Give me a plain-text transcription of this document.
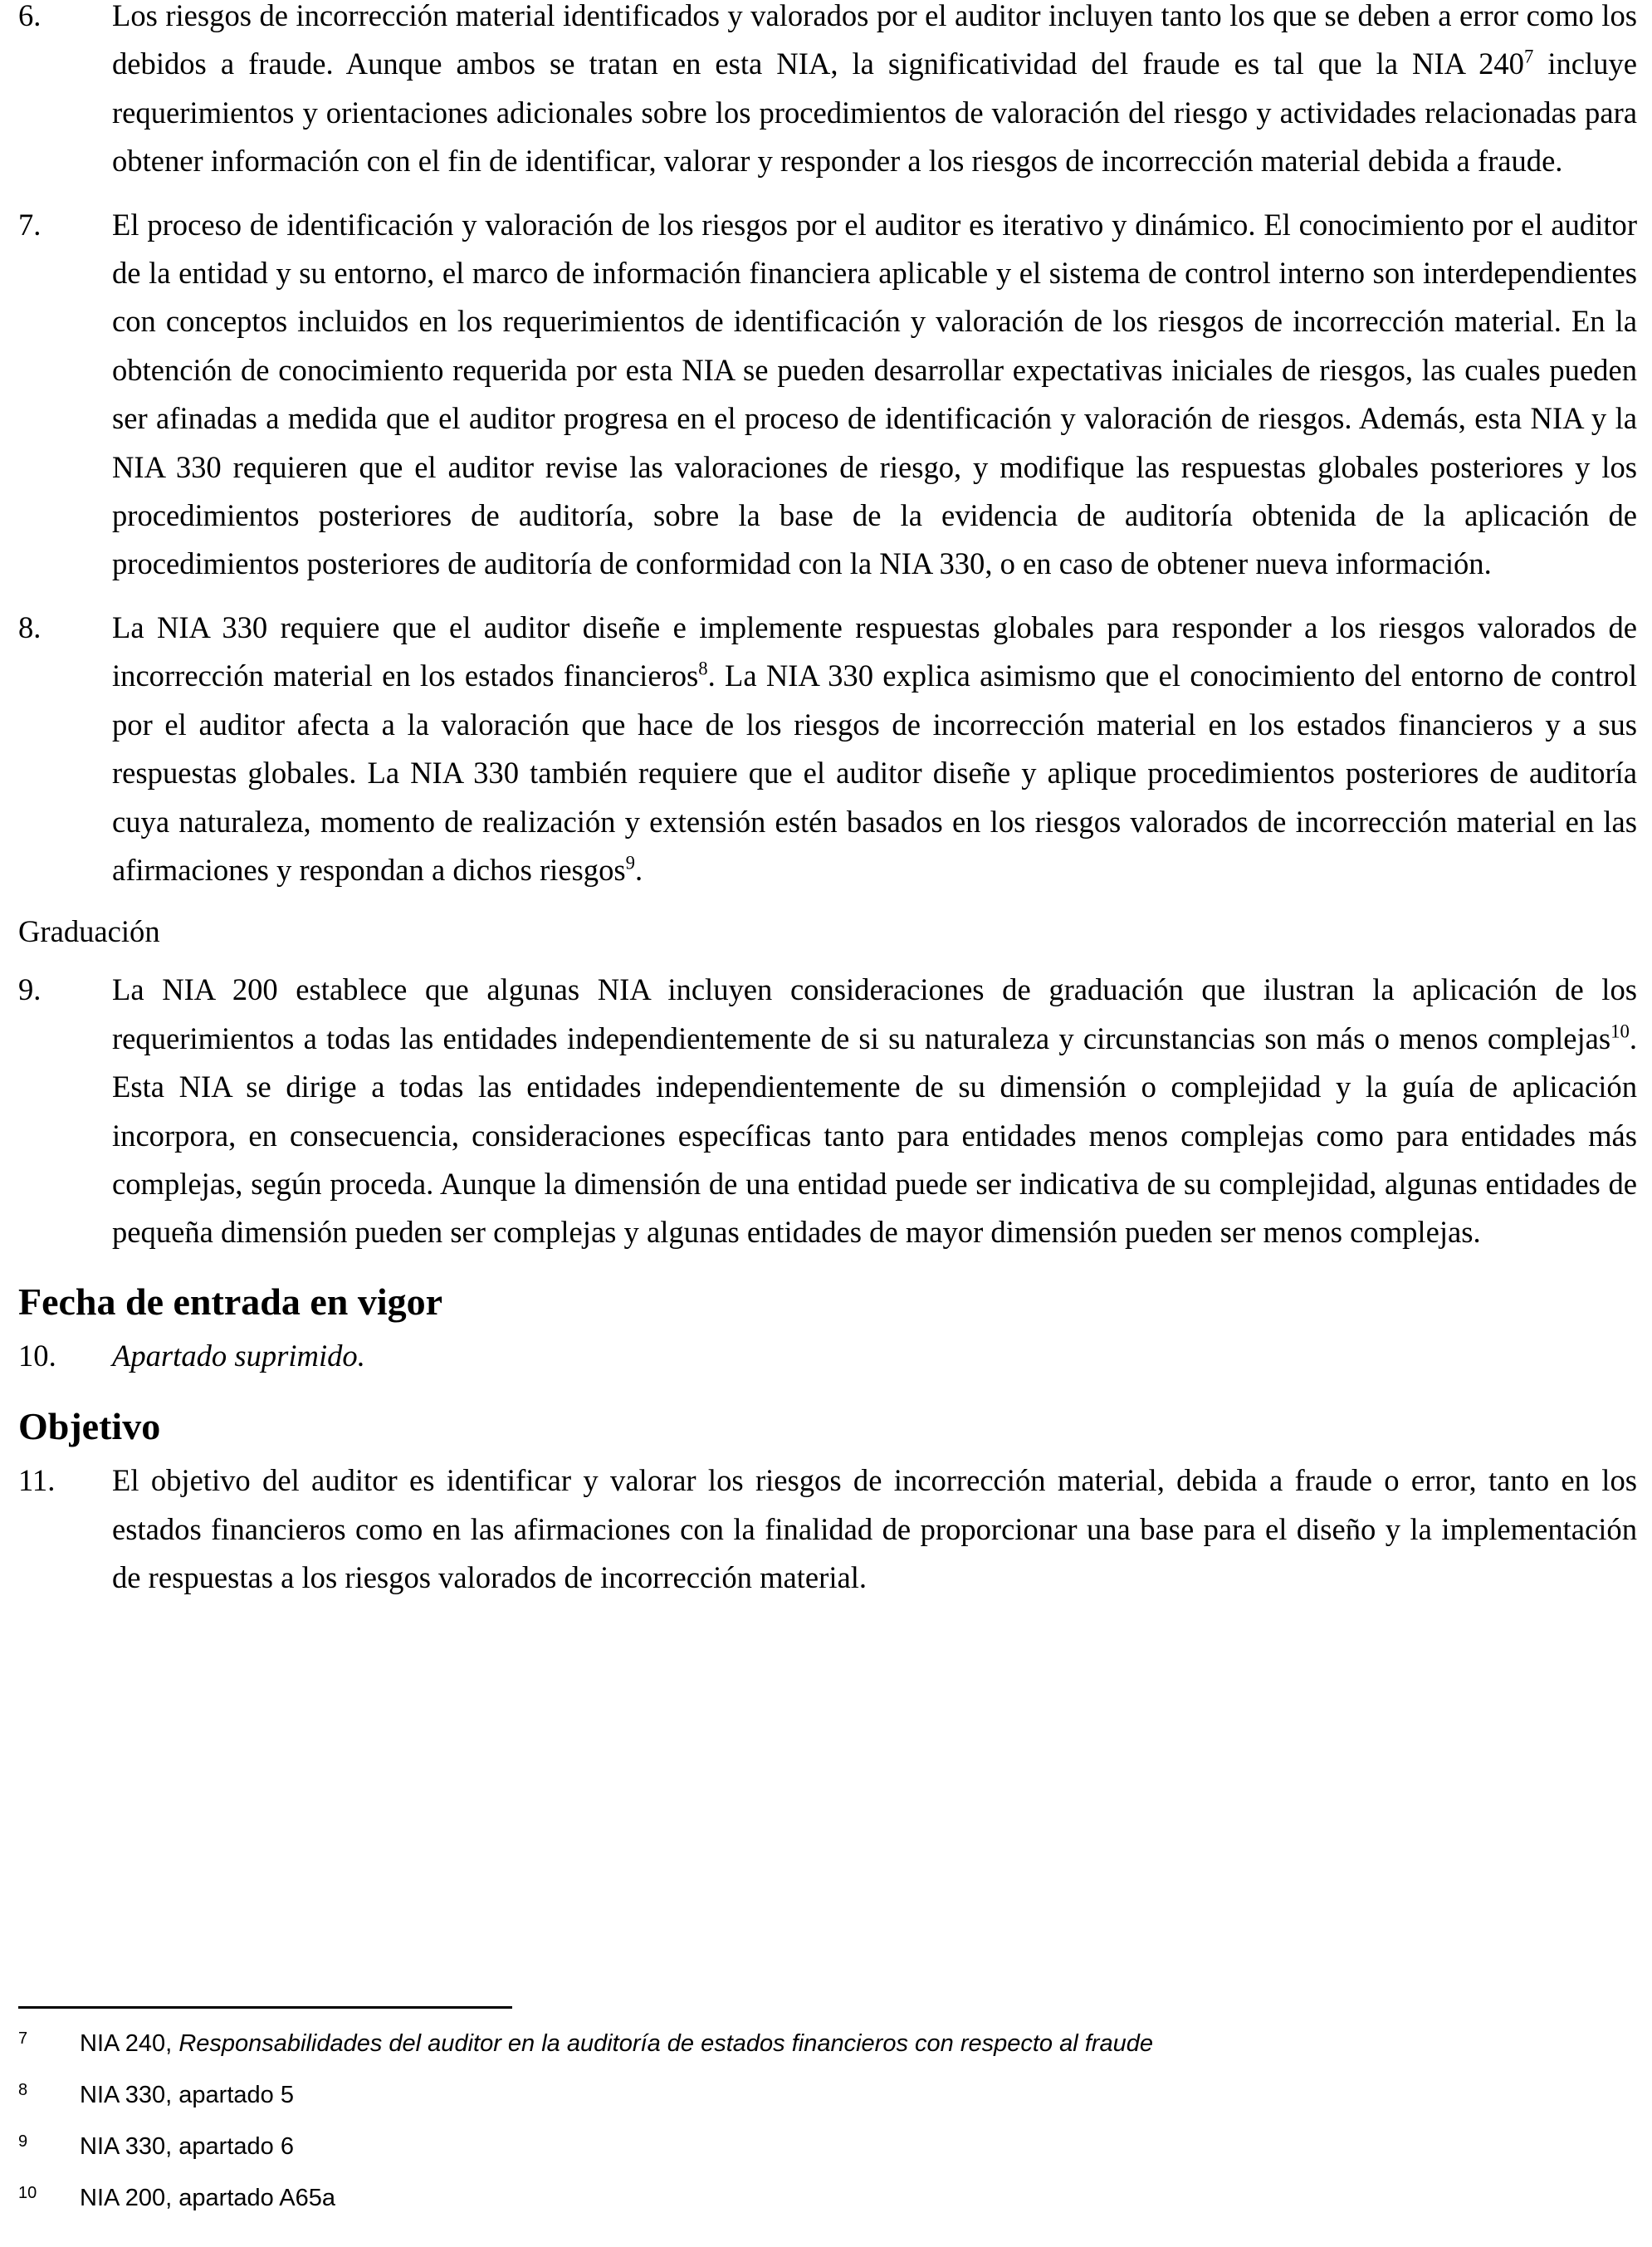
6.	Los riesgos de incorrección material identificados y valorados por el auditor incluyen tanto los que se deben a error como los debidos a fraude. Aunque ambos se tratan en esta NIA, la significatividad del fraude es tal que la NIA $240^7$ incluye requerimientos y orientaciones adicionales sobre los procedimientos de valoración del riesgo y actividades relacionadas para obtener información con el fin de identificar, valorar y responder a los riesgos de incorrección material debida a fraude.
7.	El proceso de identificación y valoración de los riesgos por el auditor es iterativo y dinámico. El conocimiento por el auditor de la entidad y su entorno, el marco de información financiera aplicable y el sistema de control interno son interdependientes con conceptos incluidos en los requerimientos de identificación y valoración de los riesgos de incorrección material. En la obtención de conocimiento requerida por esta NIA se pueden desarrollar expectativas iniciales de riesgos, las cuales pueden ser afinadas a medida que el auditor progresa en el proceso de identificación y valoración de riesgos. Además, esta NIA y la NIA 330 requieren que el auditor revise las valoraciones de riesgo, y modifique las respuestas globales posteriores y los procedimientos posteriores de auditoría, sobre la base de la evidencia de auditoría obtenida de la aplicación de procedimientos posteriores de auditoría de conformidad con la NIA 330, o en caso de obtener nueva información.
8.	La NIA 330 requiere que el auditor diseñe e implemente respuestas globales para responder a los riesgos valorados de incorrección material en los estados financieros$^8$. La NIA 330 explica asimismo que el conocimiento del entorno de control por el auditor afecta a la valoración que hace de los riesgos de incorrección material en los estados financieros y a sus respuestas globales. La NIA 330 también requiere que el auditor diseñe y aplique procedimientos posteriores de auditoría cuya naturaleza, momento de realización y extensión estén basados en los riesgos valorados de incorrección material en las afirmaciones y respondan a dichos riesgos$^9$.
Graduación
9.	La NIA 200 establece que algunas NIA incluyen consideraciones de graduación que ilustran la aplicación de los requerimientos a todas las entidades independientemente de si su naturaleza y circunstancias son más o menos complejas$^{10}$. Esta NIA se dirige a todas las entidades independientemente de su dimensión o complejidad y la guía de aplicación incorpora, en consecuencia, consideraciones específicas tanto para entidades menos complejas como para entidades más complejas, según proceda. Aunque la dimensión de una entidad puede ser indicativa de su complejidad, algunas entidades de pequeña dimensión pueden ser complejas y algunas entidades de mayor dimensión pueden ser menos complejas.
Fecha de entrada en vigor
10.	Apartado suprimido.
Objetivo
11.	El objetivo del auditor es identificar y valorar los riesgos de incorrección material, debida a fraude o error, tanto en los estados financieros como en las afirmaciones con la finalidad de proporcionar una base para el diseño y la implementación de respuestas a los riesgos valorados de incorrección material.
7	NIA 240, Responsabilidades del auditor en la auditoría de estados financieros con respecto al fraude
8	NIA 330, apartado 5
9	NIA 330, apartado 6
10	NIA 200, apartado A65a
